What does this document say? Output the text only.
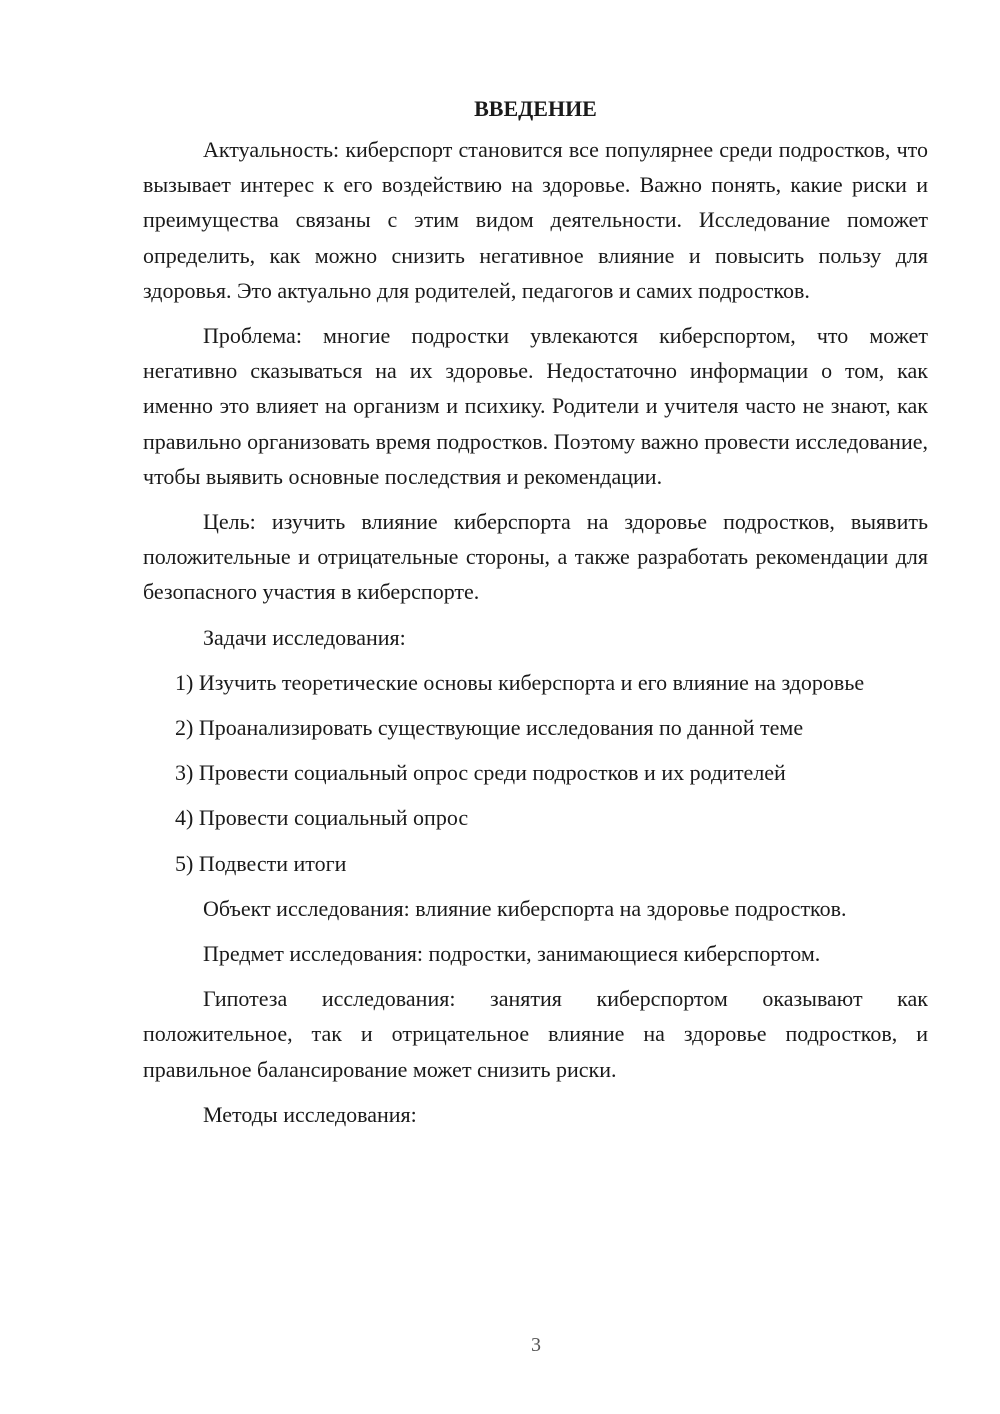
ВВЕДЕНИЕ

Актуальность: киберспорт становится все популярнее среди подростков, что вызывает интерес к его воздействию на здоровье. Важно понять, какие риски и преимущества связаны с этим видом деятельности. Исследование поможет определить, как можно снизить негативное влияние и повысить пользу для здоровья. Это актуально для родителей, педагогов и самих подростков.

Проблема: многие подростки увлекаются киберспортом, что может негативно сказываться на их здоровье. Недостаточно информации о том, как именно это влияет на организм и психику. Родители и учителя часто не знают, как правильно организовать время подростков. Поэтому важно провести исследование, чтобы выявить основные последствия и рекомендации.

Цель: изучить влияние киберспорта на здоровье подростков, выявить положительные и отрицательные стороны, а также разработать рекомендации для безопасного участия в киберспорте.

Задачи исследования:

1) Изучить теоретические основы киберспорта и его влияние на здоровье

2) Проанализировать существующие исследования по данной теме

3) Провести социальный опрос среди подростков и их родителей

4) Провести социальный опрос

5) Подвести итоги

Объект исследования: влияние киберспорта на здоровье подростков.

Предмет исследования: подростки, занимающиеся киберспортом.

Гипотеза исследования: занятия киберспортом оказывают как положительное, так и отрицательное влияние на здоровье подростков, и правильное балансирование может снизить риски.

Методы исследования:

3
